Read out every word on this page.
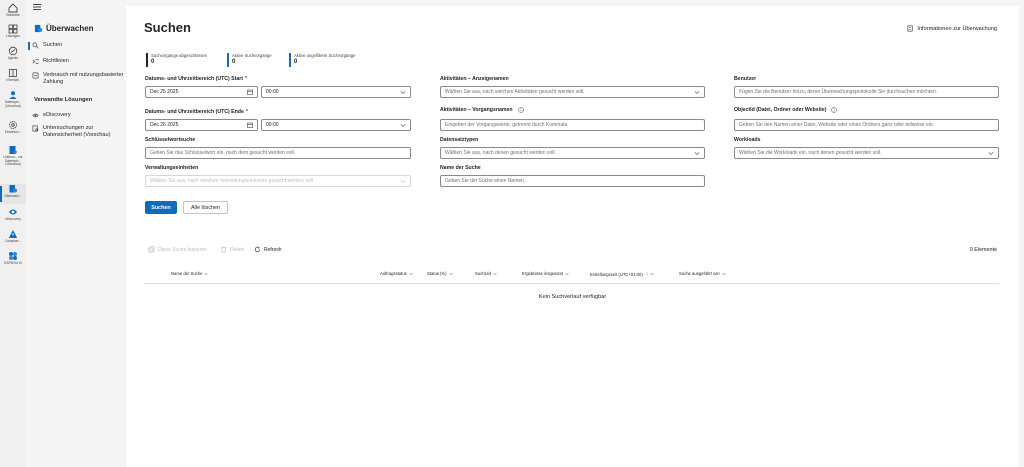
Startseite
Lösungen
Agents
Informati.
Datenspe... (Vorschau)
Einstellun...
Untersu... zur Datensch... (Vorschau)
Überwach...
eDiscovery
Complian...
DSPM für KI
Überwachen
Suchen
Richtlinien
Verbrauch mit nutzungsbasierter Zahlung
Verwandte Lösungen
eDiscovery
Untersuchungen zur Datensicherheit (Vorschau)
Suchen	Informationen zur Überwachung
Suchvorgänge abgeschlossen
0
Aktive Suchvorgänge
0
Aktive ungefilterte Suchvorgänge
0
Datums- und Uhrzeitbereich (UTC) Start *
Dec 25 2025	00:00
Datums- und Uhrzeitbereich (UTC) Ende *
Dec 26 2025	00:00
Schlüsselwortsuche
Geben Sie das Schlüsselwort ein, nach dem gesucht werden soll.
Verwaltungseinheiten
Wählen Sie aus, nach welchen Verwaltungseinheiten gesucht werden soll.
Aktivitäten – Anzeigenamen
Wählen Sie aus, nach welchen Aktivitäten gesucht werden soll.
Aktivitäten – Vorgangsnamen
Eingeben der Vorgangswerte, getrennt durch Kommata
Datensatztypen
Wählen Sie aus, nach denen gesucht werden soll.
Name der Suche
Geben Sie der Suche einen Namen.
Benutzer
Fügen Sie die Benutzer hinzu, deren Überwachungsprotokolle Sie durchsuchen möchten.
ObjectId (Datei, Ordner oder Website)
Geben Sie den Namen einer Datei, Website oder eines Ordners ganz oder teilweise ein.
Workloads
Wählen Sie die Workloads ein, nach denen gesucht werden soll.
Suchen	Alle löschen
Diese Suche kopieren	Delete	Refresh	0 Elemente
Name der Suche	Auftragsstatus	Status (%)	Suchzeit	Ergebnisse insgesamt	Erstellungszeit (UTC+01:00) ↓	Suche ausgeführt von
Kein Suchverlauf verfügbar
